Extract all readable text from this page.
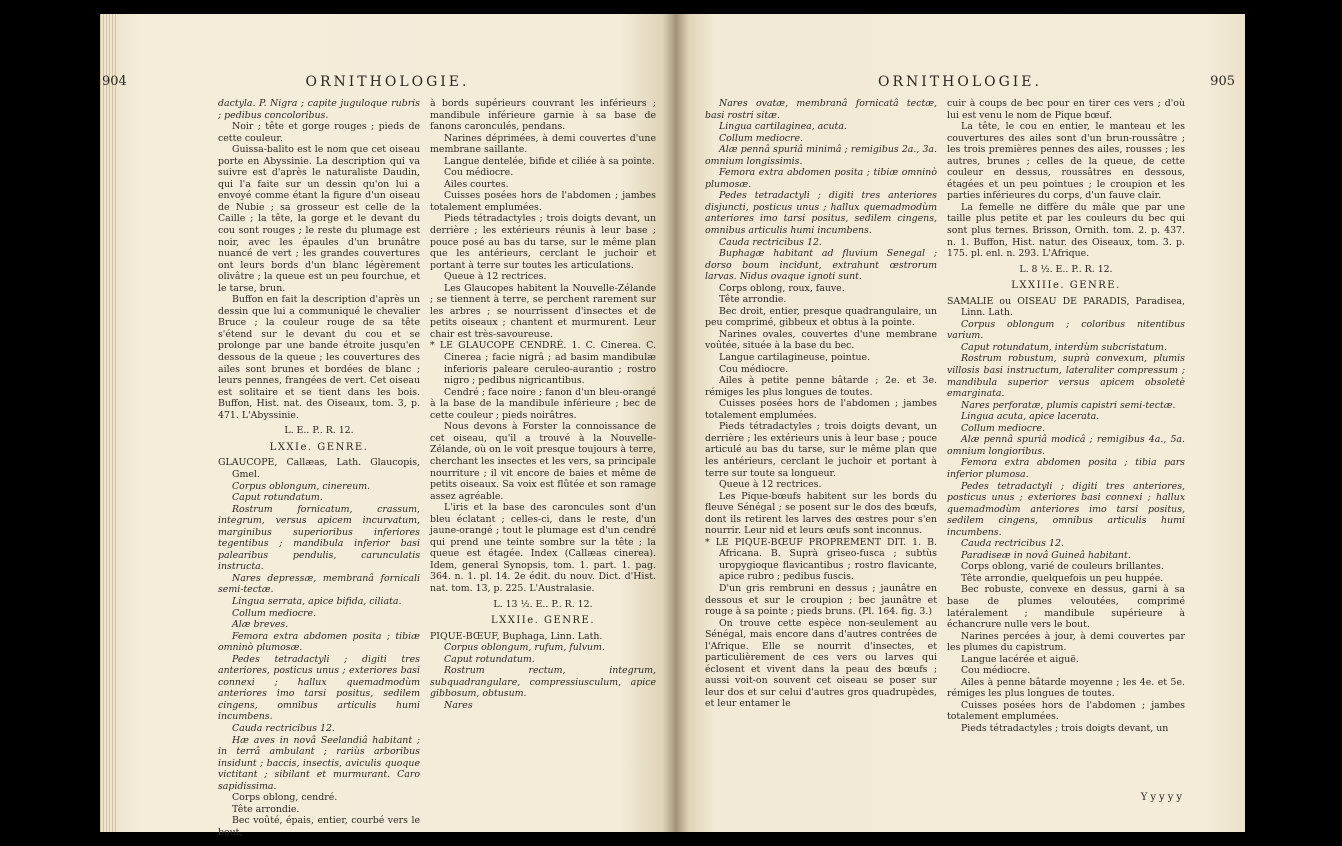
904	ORNITHOLOGIE.

dactyla. P. Nigra ; capite juguloque rubris ; pedibus concoloribus.

Noir ; tête et gorge rouges ; pieds de cette couleur.

Guissa-balito est le nom que cet oiseau porte en Abyssinie. La description qui va suivre est d'après le naturaliste Daudin, qui l'a faite sur un dessin qu'on lui a envoyé comme étant la figure d'un oiseau de Nubie ; sa grosseur est celle de la Caille ; la tête, la gorge et le devant du cou sont rouges ; le reste du plumage est noir, avec les épaules d'un brunâtre nuancé de vert ; les grandes couvertures ont leurs bords d'un blanc légèrement olivâtre ; la queue est un peu fourchue, et le tarse, brun.

Buffon en fait la description d'après un dessin que lui a communiqué le chevalier Bruce ; la couleur rouge de sa tête s'étend sur le devant du cou et se prolonge par une bande étroite jusqu'en dessous de la queue ; les couvertures des ailes sont brunes et bordées de blanc ; leurs pennes, frangées de vert. Cet oiseau est solitaire et se tient dans les bois. Buffon, Hist. nat. des Oiseaux, tom. 3, p. 471. L'Abyssinie.

L. E.. P.. R. 12.

LXXIe. GENRE.

GLAUCOPE, Callæas, Lath. Glaucopis, Gmel.

Corpus oblongum, cinereum.

Caput rotundatum.

Rostrum fornicatum, crassum, integrum, versus apicem incurvatum, marginibus superioribus inferiores tegentibus ; mandibula inferior basi palearibus pendulis, carunculatis instructa.

Nares depressæ, membranâ fornicali semi-tectæ.

Lingua serrata, apice bifida, ciliata.

Collum mediocre.

Alæ breves.

Femora extra abdomen posita ; tibiæ omninò plumosæ.

Pedes tetradactyli ; digiti tres anteriores, posticus unus ; exteriores basi connexi ; hallux quemadmodùm anteriores imo tarsi positus, sedilem cingens, omnibus articulis humi incumbens.

Cauda rectricibus 12.

Hæ aves in novâ Seelandiâ habitant ; in terrâ ambulant ; rariùs arboribus insidunt ; baccis, insectis, aviculis quoque victitant ; sibilant et murmurant. Caro sapidissima.

Corps oblong, cendré.

Tête arrondie.

Bec voûté, épais, entier, courbé vers le bout,

à bords supérieurs couvrant les inférieurs ; mandibule inférieure garnie à sa base de fanons caronculés, pendans.

Narines déprimées, à demi couvertes d'une membrane saillante.

Langue dentelée, bifide et ciliée à sa pointe.

Cou médiocre.

Ailes courtes.

Cuisses posées hors de l'abdomen ; jambes totalement emplumées.

Pieds tétradactyles ; trois doigts devant, un derrière ; les extérieurs réunis à leur base ; pouce posé au bas du tarse, sur le même plan que les antérieurs, cerclant le juchoir et portant à terre sur toutes les articulations.

Queue à 12 rectrices.

Les Glaucopes habitent la Nouvelle-Zélande ; se tiennent à terre, se perchent rarement sur les arbres ; se nourrissent d'insectes et de petits oiseaux ; chantent et murmurent. Leur chair est très-savoureuse.

* LE GLAUCOPE CENDRÉ. 1. C. Cinerea. C. Cinerea ; facie nigrâ ; ad basim mandibulæ inferioris paleare ceruleo-aurantio ; rostro nigro ; pedibus nigricantibus.

Cendré ; face noire ; fanon d'un bleu-orangé à la base de la mandibule inférieure ; bec de cette couleur ; pieds noirâtres.

Nous devons à Forster la connoissance de cet oiseau, qu'il a trouvé à la Nouvelle-Zélande, où on le voit presque toujours à terre, cherchant les insectes et les vers, sa principale nourriture ; il vit encore de baies et même de petits oiseaux. Sa voix est flûtée et son ramage assez agréable.

L'iris et la base des caroncules sont d'un bleu éclatant ; celles-ci, dans le reste, d'un jaune-orangé ; tout le plumage est d'un cendré qui prend une teinte sombre sur la tête ; la queue est étagée. Index (Callæas cinerea). Idem, general Synopsis, tom. 1. part. 1. pag. 364. n. 1. pl. 14. 2e édit. du nouv. Dict. d'Hist. nat. tom. 13, p. 225. L'Australasie.

L. 13 ½. E.. P.. R. 12.

LXXIIe. GENRE.

PIQUE-BŒUF, Buphaga, Linn. Lath.

Corpus oblongum, rufum, fulvum.

Caput rotundatum.

Rostrum rectum, integrum, subquadrangulare, compressiusculum, apice gibbosum, obtusum.

Nares

ORNITHOLOGIE.	905

Nares ovatæ, membranâ fornicatâ tectæ, basi rostri sitæ.

Lingua cartilaginea, acuta.

Collum mediocre.

Alæ pennâ spuriâ minimâ ; remigibus 2a., 3a. omnium longissimis.

Femora extra abdomen posita ; tibiæ omninò plumosæ.

Pedes tetradactyli ; digiti tres anteriores disjuncti, posticus unus ; hallux quemadmodùm anteriores imo tarsi positus, sedilem cingens, omnibus articulis humi incumbens.

Cauda rectricibus 12.

Buphagæ habitant ad fluvium Senegal ; dorso boum incidunt, extrahunt œstrorum larvas. Nidus ovaque ignoti sunt.

Corps oblong, roux, fauve.

Tête arrondie.

Bec droit, entier, presque quadrangulaire, un peu comprimé, gibbeux et obtus à la pointe.

Narines ovales, couvertes d'une membrane voûtée, située à la base du bec.

Langue cartilagineuse, pointue.

Cou médiocre.

Ailes à petite penne bâtarde ; 2e. et 3e. rémiges les plus longues de toutes.

Cuisses posées hors de l'abdomen ; jambes totalement emplumées.

Pieds tétradactyles ; trois doigts devant, un derrière ; les extérieurs unis à leur base ; pouce articulé au bas du tarse, sur le même plan que les antérieurs, cerclant le juchoir et portant à terre sur toute sa longueur.

Queue à 12 rectrices.

Les Pique-bœufs habitent sur les bords du fleuve Sénégal ; se posent sur le dos des bœufs, dont ils retirent les larves des œstres pour s'en nourrir. Leur nid et leurs œufs sont inconnus.

* LE PIQUE-BŒUF PROPREMENT DIT. 1. B. Africana. B. Suprà griseo-fusca ; subtùs uropygioque flavicantibus ; rostro flavicante, apice rubro ; pedibus fuscis.

D'un gris rembruni en dessus ; jaunâtre en dessous et sur le croupion ; bec jaunâtre et rouge à sa pointe ; pieds bruns. (Pl. 164. fig. 3.)

On trouve cette espèce non-seulement au Sénégal, mais encore dans d'autres contrées de l'Afrique. Elle se nourrit d'insectes, et particulièrement de ces vers ou larves qui éclosent et vivent dans la peau des bœufs ; aussi voit-on souvent cet oiseau se poser sur leur dos et sur celui d'autres gros quadrupèdes, et leur entamer le

cuir à coups de bec pour en tirer ces vers ; d'où lui est venu le nom de Pique bœuf.

La tête, le cou en entier, le manteau et les couvertures des ailes sont d'un brun-roussâtre ; les trois premières pennes des ailes, rousses ; les autres, brunes ; celles de la queue, de cette couleur en dessus, roussâtres en dessous, étagées et un peu pointues ; le croupion et les parties inférieures du corps, d'un fauve clair.

La femelle ne diffère du mâle que par une taille plus petite et par les couleurs du bec qui sont plus ternes. Brisson, Ornith. tom. 2. p. 437. n. 1. Buffon, Hist. natur. des Oiseaux, tom. 3. p. 175. pl. enl. n. 293. L'Afrique.

L. 8 ½. E.. P.. R. 12.

LXXIIIe. GENRE.

SAMALIE ou OISEAU DE PARADIS, Paradisea, Linn. Lath.

Corpus oblongum ; coloribus nitentibus varium.

Caput rotundatum, interdùm subcristatum.

Rostrum robustum, suprà convexum, plumis villosis basi instructum, lateraliter compressum ; mandibula superior versus apicem obsoletè emarginata.

Nares perforatæ, plumis capistri semi-tectæ.

Lingua acuta, apice lacerata.

Collum mediocre.

Alæ pennâ spuriâ modicâ ; remigibus 4a., 5a. omnium longioribus.

Femora extra abdomen posita ; tibia pars inferior plumosa.

Pedes tetradactyli ; digiti tres anteriores, posticus unus ; exteriores basi connexi ; hallux quemadmodùm anteriores imo tarsi positus, sedilem cingens, omnibus articulis humi incumbens.

Cauda rectricibus 12.

Paradiseæ in novâ Guineâ habitant.

Corps oblong, varié de couleurs brillantes.

Tête arrondie, quelquefois un peu huppée.

Bec robuste, convexe en dessus, garni à sa base de plumes veloutées, comprimé latéralement ; mandibule supérieure à échancrure nulle vers le bout.

Narines percées à jour, à demi couvertes par les plumes du capistrum.

Langue lacérée et aiguë.

Cou médiocre.

Ailes à penne bâtarde moyenne ; les 4e. et 5e. rémiges les plus longues de toutes.

Cuisses posées hors de l'abdomen ; jambes totalement emplumées.

Pieds tétradactyles ; trois doigts devant, un

Yyyyy
